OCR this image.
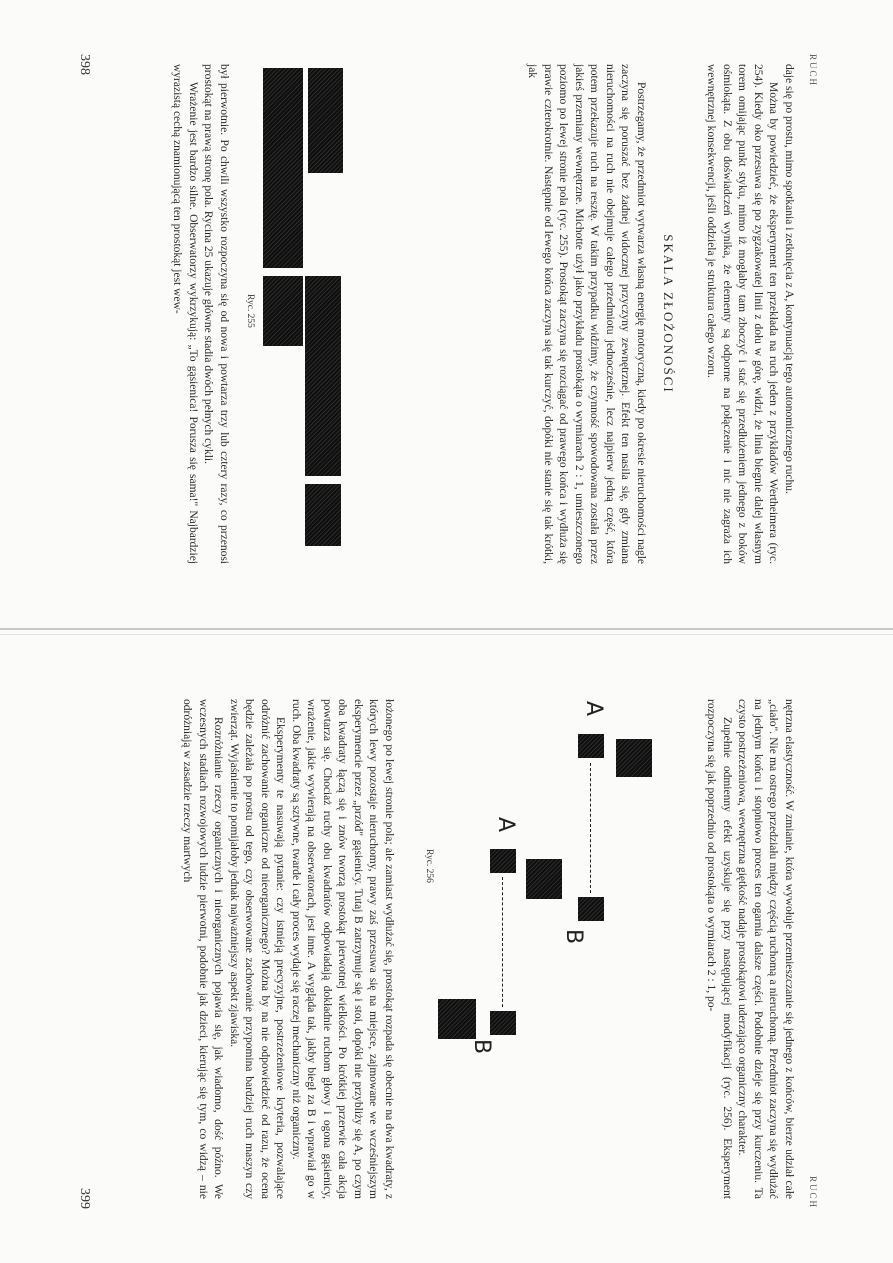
RUCH

daje się po prostu, mimo spotkania i zetknięcia z A, kontynuacją tego autonomicznego ruchu.

Można by powiedzieć, że eksperyment ten przekłada na ruch jeden z przykładów Wertheimera (ryc. 254). Kiedy oko przesuwa się po zygzakowatej linii z dołu w górę, widzi, że linia biegnie dalej własnym torem omijając punkt styku, mimo iż mogłaby tam zboczyć i stać się przedłużeniem jednego z boków ośmiokąta. Z obu doświadczeń wynika, że elementy są odporne na połączenie i nic nie zagraża ich wewnętrznej konsekwencji, jeśli oddziela je struktura całego wzoru.

SKALA ZŁOŻONOŚCI

Postrzegamy, że przedmiot wytwarza własną energię motoryczną, kiedy po okresie nieruchomości nagle zaczyna się poruszać bez żadnej widocznej przyczyny zewnętrznej. Efekt ten nasila się, gdy zmiana nieruchomości na ruch nie obejmuje całego przedmiotu jednocześnie, lecz najpierw jedną część, która potem przekazuje ruch na resztę. W takim przypadku widzimy, że czynność spowodowana została przez jakieś przemiany wewnętrzne. Michotte użył jako przykładu prostokąta o wymiarach 2 : 1, umieszczonego poziomo po lewej stronie pola (ryc. 255). Prostokąt zaczyna się rozciągać od prawego końca i wydłuża się prawie czterokrotnie. Następnie od lewego końca zaczyna się tak kurczyć, dopóki nie stanie się tak krótki, jak

Ryc. 255

był pierwotnie. Po chwili wszystko rozpoczyna się od nowa i powtarza trzy lub cztery razy, co przenosi prostokąt na prawą stronę pola. Rycina 25 ukazuje główne stadia dwóch pełnych cykli.

Wrażenie jest bardzo silne. Obserwatorzy wykrzykują: „To gąsienica! Porusza się sama!" Najbardziej wyrazistą cechą znamionującą ten prostokąt jest wew-

398
RUCH

nętrzna elastyczność. W zmianie, która wywołuje przemieszczanie się jednego z końców, bierze udział całe „ciało". Nie ma ostrego przedziału między częścią ruchomą a nieruchomą. Przedmiot zaczyna się wydłużać na jednym końcu i stopniowo proces ten ogarnia dalsze części. Podobnie dzieje się przy kurczeniu. Ta czysto postrzeżeniowa, wewnętrzna giętkość nadaje prostokątowi uderzająco organiczny charakter.

Zupełnie odmienny efekt uzyskuje się przy następującej modyfikacji (ryc. 256). Eksperyment rozpoczyna się jak poprzednio od prostokąta o wymiarach 2 : 1, po-

A
B
A
B
Ryc. 256

łożonego po lewej stronie pola; ale zamiast wydłużać się, prostokąt rozpada się obecnie na dwa kwadraty, z których lewy pozostaje nieruchomy, prawy zaś przesuwa się na miejsce, zajmowane we wcześniejszym eksperymencie przez „przód" gąsienicy. Tutaj B zatrzymuje się i stoi, dopóki nie przybliży się A, po czym oba kwadraty łączą się i znów tworzą prostokąt pierwotnej wielkości. Po krótkiej przerwie cała akcja powtarza się. Chociaż ruchy obu kwadratów odpowiadają dokładnie ruchom głowy i ogona gąsienicy, wrażenie, jakie wywierają na obserwatorach, jest inne. A wygląda tak, jakby biegł za B i wprawiał go w ruch. Oba kwadraty są sztywne, twarde i cały proces wydaje się raczej mechaniczny niż organiczny.

Eksperymenty te nasuwają pytanie: czy istnieją precyzyjne, postrzeżeniowe kryteria, pozwalające odróżnić zachowanie organiczne od nieorganicznego? Można by na nie odpowiedzieć od razu, że ocena będzie zależała po prostu od tego, czy obserwowane zachowanie przypomina bardziej ruch maszyn czy zwierząt. Wyjaśnienie to pomijałoby jednak najważniejszy aspekt zjawiska.

Rozróżnianie rzeczy organicznych i nieorganicznych pojawia się, jak wiadomo, dość późno. We wczesnych stadiach rozwojowych ludzie pierwotni, podobnie jak dzieci, kierując się tym, co widzą – nie odróżniają w zasadzie rzeczy martwych

399
